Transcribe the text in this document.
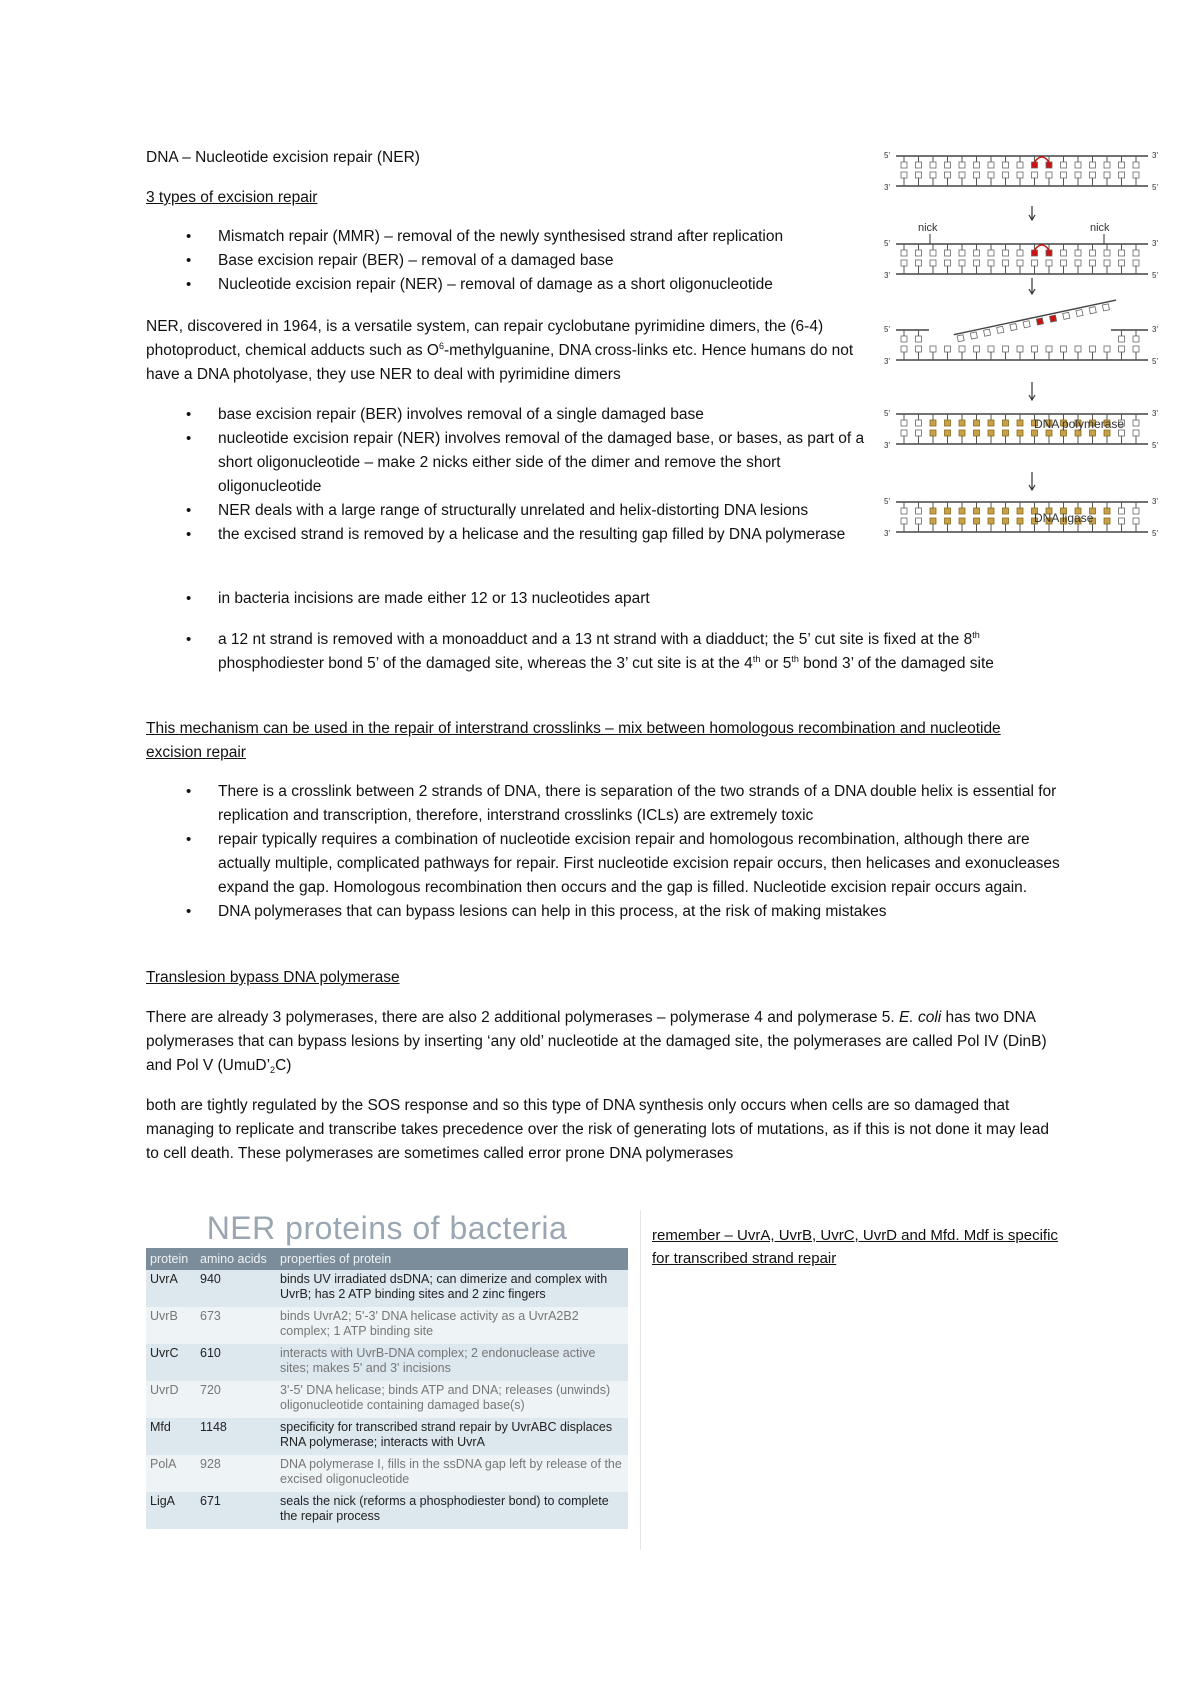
DNA – Nucleotide excision repair (NER)

3 types of excision repair

• Mismatch repair (MMR) – removal of the newly synthesised strand after replication
• Base excision repair (BER) – removal of a damaged base
• Nucleotide excision repair (NER) – removal of damage as a short oligonucleotide

NER, discovered in 1964, is a versatile system, can repair cyclobutane pyrimidine dimers, the (6-4) photoproduct, chemical adducts such as $O^6$-methylguanine, DNA cross-links etc. Hence humans do not have a DNA photolyase, they use NER to deal with pyrimidine dimers

• base excision repair (BER) involves removal of a single damaged base
• nucleotide excision repair (NER) involves removal of the damaged base, or bases, as part of a short oligonucleotide – make 2 nicks either side of the dimer and remove the short oligonucleotide
• NER deals with a large range of structurally unrelated and helix-distorting DNA lesions
• the excised strand is removed by a helicase and the resulting gap filled by DNA polymerase
• in bacteria incisions are made either 12 or 13 nucleotides apart
• a 12 nt strand is removed with a monoadduct and a 13 nt strand with a diadduct; the 5’ cut site is fixed at the 8th phosphodiester bond 5’ of the damaged site, whereas the 3’ cut site is at the 4th or 5th bond 3’ of the damaged site

This mechanism can be used in the repair of interstrand crosslinks – mix between homologous recombination and nucleotide excision repair

• There is a crosslink between 2 strands of DNA, there is separation of the two strands of a DNA double helix is essential for replication and transcription, therefore, interstrand crosslinks (ICLs) are extremely toxic
• repair typically requires a combination of nucleotide excision repair and homologous recombination, although there are actually multiple, complicated pathways for repair. First nucleotide excision repair occurs, then helicases and exonucleases expand the gap. Homologous recombination then occurs and the gap is filled. Nucleotide excision repair occurs again.
• DNA polymerases that can bypass lesions can help in this process, at the risk of making mistakes

Translesion bypass DNA polymerase

There are already 3 polymerases, there are also 2 additional polymerases – polymerase 4 and polymerase 5. E. coli has two DNA polymerases that can bypass lesions by inserting ‘any old’ nucleotide at the damaged site, the polymerases are called Pol IV (DinB) and Pol V $(UmuD’_2C)$

both are tightly regulated by the SOS response and so this type of DNA synthesis only occurs when cells are so damaged that managing to replicate and transcribe takes precedence over the risk of generating lots of mutations, as if this is not done it may lead to cell death. These polymerases are sometimes called error prone DNA polymerases

5'	3'
3'	5'
5'	3'
3'	5'
5'	3'
3'	5'
5'	3'
3'	5'
5'	3'
3'	5'
nick	nick
DNA polymerase
DNA ligase
NER proteins of bacteria
protein	amino acids	properties of protein
UvrA	940	binds UV irradiated dsDNA; can dimerize and complex with UvrB; has 2 ATP binding sites and 2 zinc fingers
UvrB	673	binds UvrA2; 5'-3' DNA helicase activity as a UvrA2B2 complex; 1 ATP binding site
UvrC	610	interacts with UvrB-DNA complex; 2 endonuclease active sites; makes 5' and 3' incisions
UvrD	720	3'-5' DNA helicase; binds ATP and DNA; releases (unwinds) oligonucleotide containing damaged base(s)
Mfd	1148	specificity for transcribed strand repair by UvrABC displaces RNA polymerase; interacts with UvrA
PolA	928	DNA polymerase I, fills in the ssDNA gap left by release of the excised oligonucleotide
LigA	671	seals the nick (reforms a phosphodiester bond) to complete the repair process

remember – UvrA, UvrB, UvrC, UvrD and Mfd. Mdf is specific for transcribed strand repair
